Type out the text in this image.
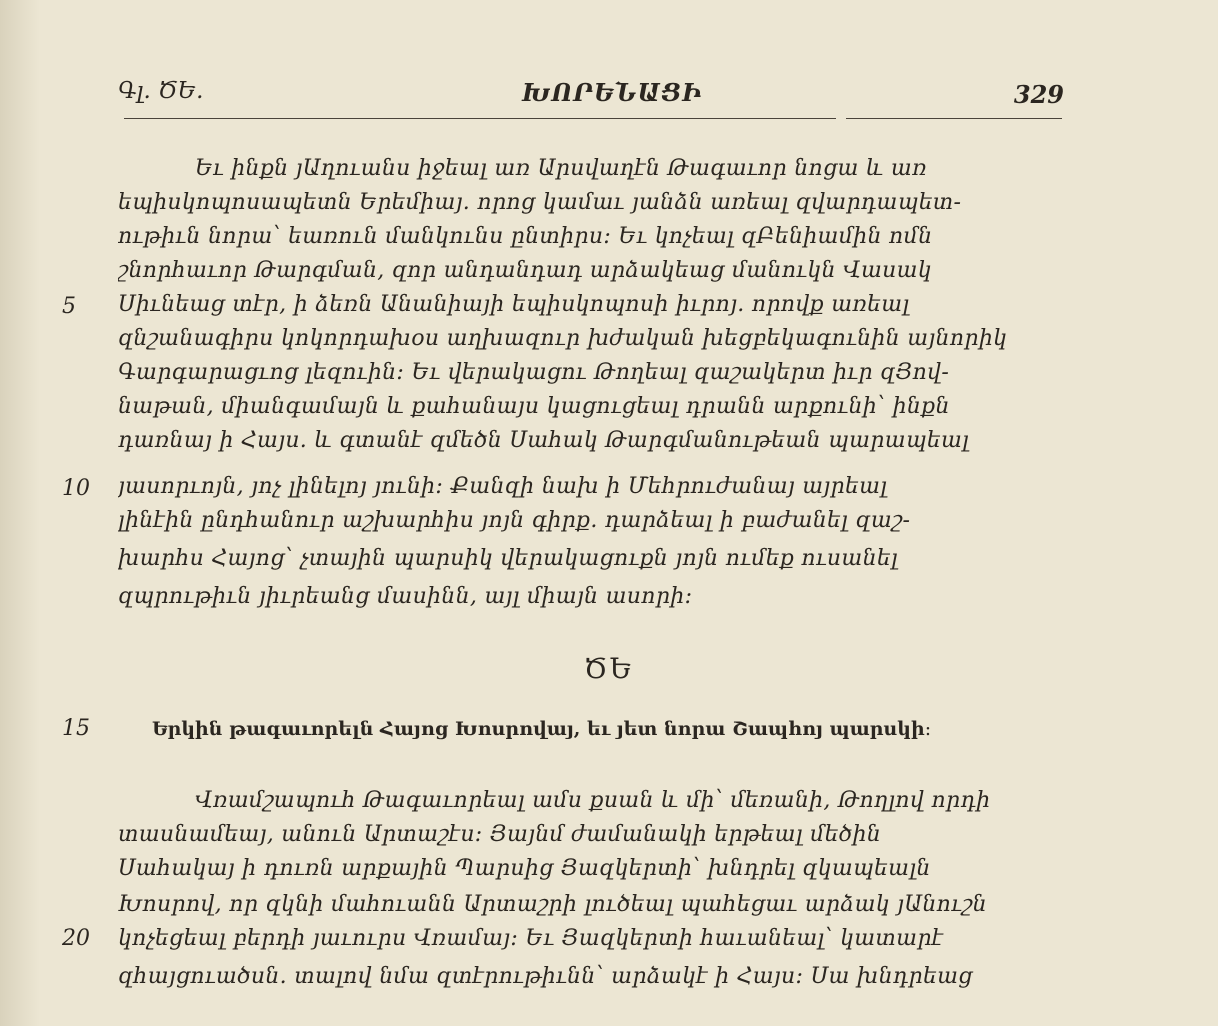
Գլ. ԾԵ.	ԽՈՐԵՆԱՑԻ	329
Եւ ինքն յԱղուանս իջեալ առ Արսվաղէն Թագաւոր նոցա և առ
եպիսկոպոսապետն Երեմիայ. որոց կամաւ յանձն առեալ զվարդապետ-
ութիւն նորա՝ եառուն մանկունս ընտիրս։ Եւ կոչեալ զԲենիամին ոմն
շնորհաւոր Թարգման, զոր անդանդադ արձակեաց մանուկն Վասակ
Սիւնեաց տէր, ի ձեռն Անանիայի եպիսկոպոսի իւրոյ. որովք առեալ
զնշանագիրս կոկորդախօս աղխազուր խժական խեցբեկագունին այնորիկ
Գարգարացւոց լեզուին։ Եւ վերակացու Թողեալ զաշակերտ իւր զՅով-
նաթան, միանգամայն և քահանայս կացուցեալ դրանն արքունի՝ ինքն
դառնայ ի Հայս. և գտանէ զմեծն Սահակ Թարգմանութեան պարապեալ
յասորւոյն, յոչ լինելոյ յունի։ Քանզի նախ ի Մեհրուժանայ այրեալ
լինէին ընդհանուր աշխարհիս յոյն գիրք. դարձեալ ի բաժանել զաշ-
խարհս Հայոց՝ չտային պարսիկ վերակացուքն յոյն ումեք ուսանել
զպրութիւն յիւրեանց մասինն, այլ միայն ասորի։
5
10
15
20
ԾԵ
Երկին թագաւորելն Հայոց Խոսրովայ, եւ յետ նորա Շապհոյ պարսկի։
Վռամշապուհ Թագաւորեալ ամս քսան և մի՝ մեռանի, Թողլով որդի
տասնամեայ, անուն Արտաշէս։ Յայնմ ժամանակի երթեալ մեծին
Սահակայ ի դուռն արքային Պարսից Յազկերտի՝ խնդրել զկապեալն
Խոսրով, որ զկնի մահուանն Արտաշրի լուծեալ պահեցաւ արձակ յԱնուշն
կոչեցեալ բերդի յաւուրս Վռամայ։ Եւ Յազկերտի հաւանեալ՝ կատարէ
զհայցուածսն. տալով նմա զտէրութիւնն՝ արձակէ ի Հայս։ Սա խնդրեաց
